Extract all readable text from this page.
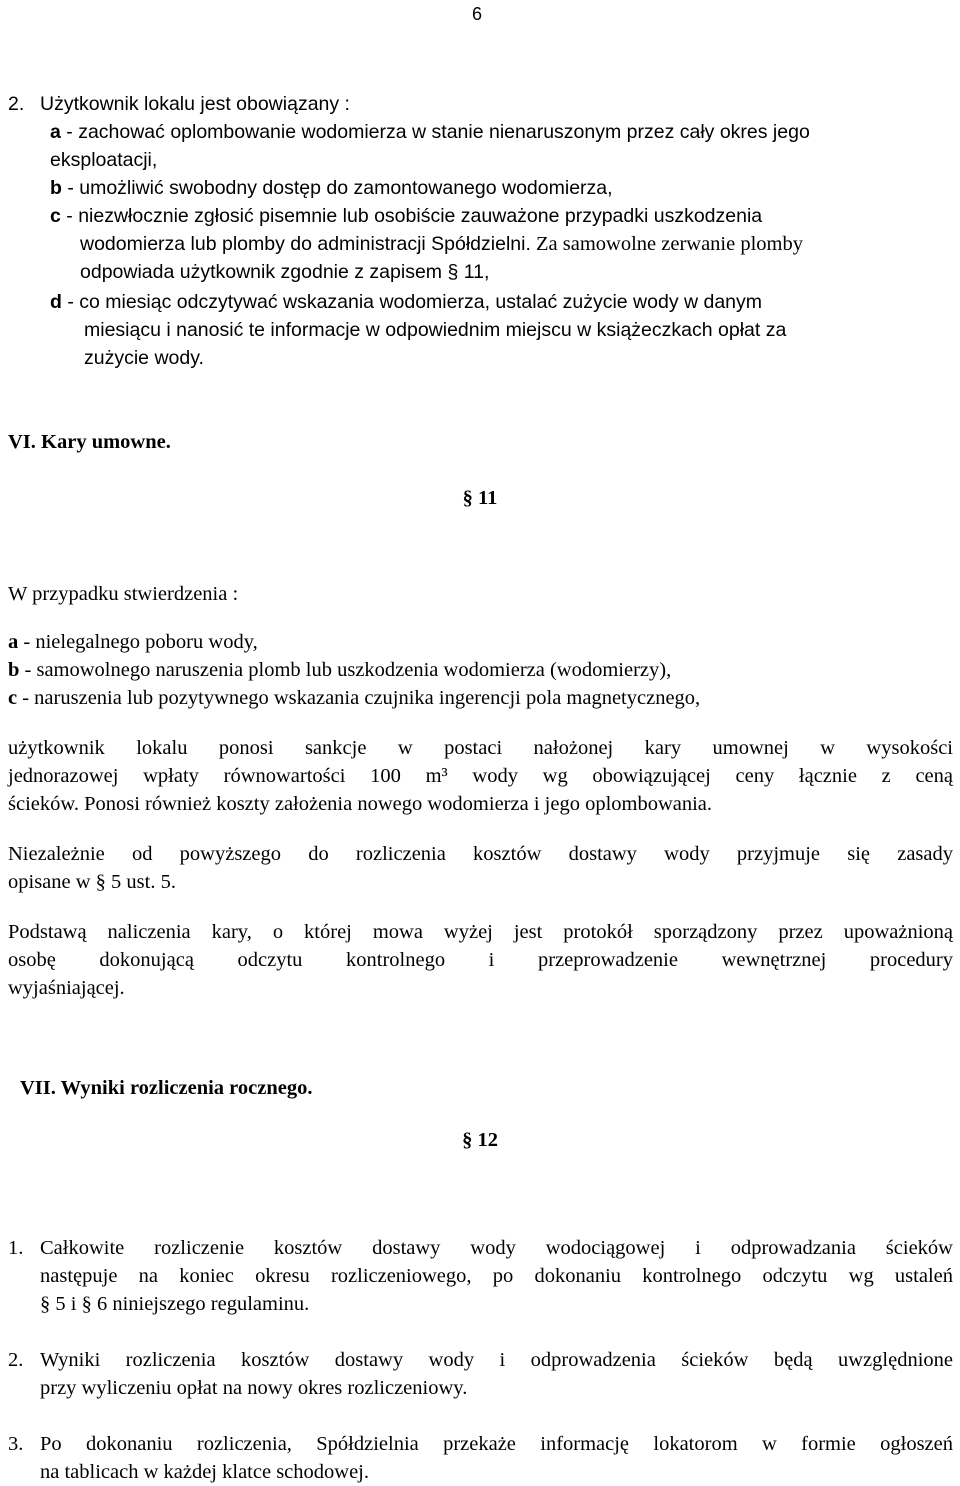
6
2. Użytkownik lokalu jest obowiązany :
a - zachować oplombowanie wodomierza w stanie nienaruszonym przez cały okres jego
eksploatacji,
b - umożliwić swobodny dostęp do zamontowanego wodomierza,
c - niezwłocznie zgłosić pisemnie lub osobiście zauważone przypadki uszkodzenia
wodomierza lub plomby do administracji Spółdzielni. Za samowolne zerwanie plomby
odpowiada użytkownik zgodnie z zapisem § 11,
d - co miesiąc odczytywać wskazania wodomierza, ustalać zużycie wody w danym
miesiącu i nanosić te informacje w odpowiednim miejscu w książeczkach opłat za
zużycie wody.
VI. Kary umowne.
§ 11
W przypadku stwierdzenia :
a - nielegalnego poboru wody,
b - samowolnego naruszenia plomb lub uszkodzenia wodomierza (wodomierzy),
c - naruszenia lub pozytywnego wskazania czujnika ingerencji pola magnetycznego,
użytkownik lokalu ponosi sankcje w postaci nałożonej kary umownej w wysokości
jednorazowej wpłaty równowartości 100 m³ wody wg obowiązującej ceny łącznie z ceną
ścieków. Ponosi również koszty założenia nowego wodomierza i jego oplombowania.
Niezależnie od powyższego do rozliczenia kosztów dostawy wody przyjmuje się zasady
opisane w § 5 ust. 5.
Podstawą naliczenia kary, o której mowa wyżej jest protokół sporządzony przez upoważnioną
osobę dokonującą odczytu kontrolnego i przeprowadzenie wewnętrznej procedury
wyjaśniającej.
VII. Wyniki rozliczenia rocznego.
§ 12
1. Całkowite rozliczenie kosztów dostawy wody wodociągowej i odprowadzania ścieków
następuje na koniec okresu rozliczeniowego, po dokonaniu kontrolnego odczytu wg ustaleń
§ 5 i § 6 niniejszego regulaminu.
2. Wyniki rozliczenia kosztów dostawy wody i odprowadzenia ścieków będą uwzględnione
przy wyliczeniu opłat na nowy okres rozliczeniowy.
3. Po dokonaniu rozliczenia, Spółdzielnia przekaże informację lokatorom w formie ogłoszeń
na tablicach w każdej klatce schodowej.
